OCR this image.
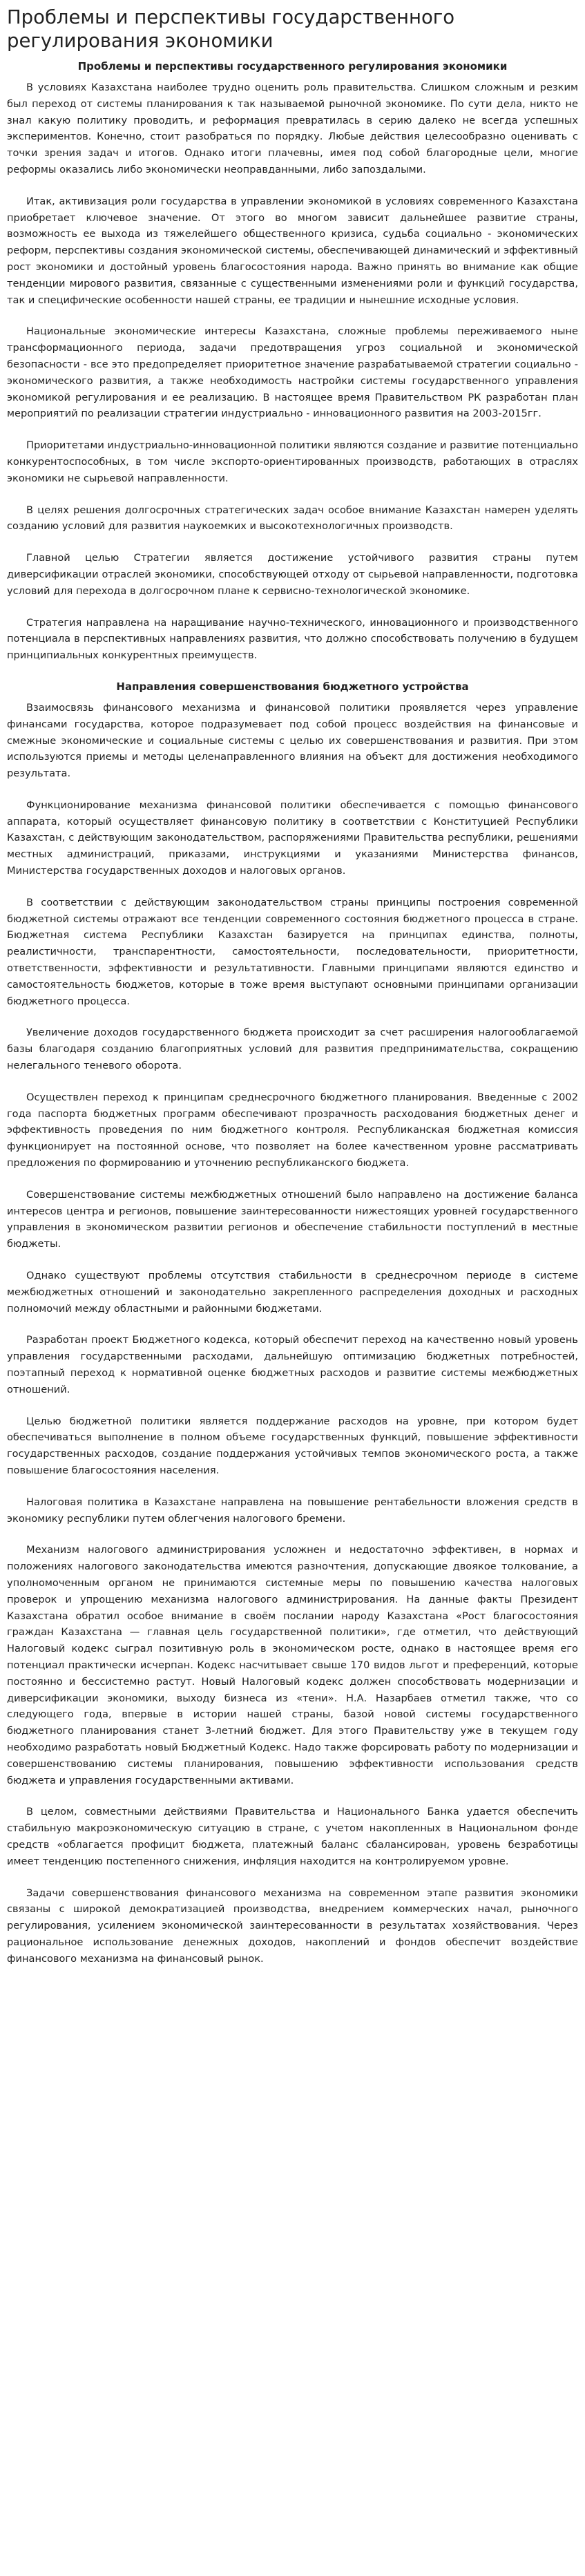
Проблемы и перспективы государственного регулирования экономики
Проблемы и перспективы государственного регулирования экономики

В условиях Казахстана наиболее трудно оценить роль правительства. Слишком сложным и резким был переход от системы планирования к так называемой рыночной экономике. По сути дела, никто не знал какую политику проводить, и реформация превратилась в серию далеко не всегда успешных экспериментов. Конечно, стоит разобраться по порядку. Любые действия целесообразно оценивать с точки зрения задач и итогов. Однако итоги плачевны, имея под собой благородные цели, многие реформы оказались либо экономически неоправданными, либо запоздалыми.

Итак, активизация роли государства в управлении экономикой в условиях современного Казахстана приобретает ключевое значение. От этого во многом зависит дальнейшее развитие страны, возможность ее выхода из тяжелейшего общественного кризиса, судьба социально - экономических реформ, перспективы создания экономической системы, обеспечивающей динамический и эффективный рост экономики и достойный уровень благосостояния народа. Важно принять во внимание как общие тенденции мирового развития, связанные с существенными изменениями роли и функций государства, так и специфические особенности нашей страны, ее традиции и нынешние исходные условия.

Национальные экономические интересы Казахстана, сложные проблемы переживаемого ныне трансформационного периода, задачи предотвращения угроз социальной и экономической безопасности - все это предопределяет приоритетное значение разрабатываемой стратегии социально - экономического развития, а также необходимость настройки системы государственного управления экономикой регулирования и ее реализацию. В настоящее время Правительством РК разработан план мероприятий по реализации стратегии индустриально - инновационного развития на 2003-2015гг.

Приоритетами индустриально-инновационной политики являются создание и развитие потенциально конкурентоспособных, в том числе экспорто-ориентированных производств, работающих в отраслях экономики не сырьевой направленности.

В целях решения долгосрочных стратегических задач особое внимание Казахстан намерен уделять созданию условий для развития наукоемких и высокотехнологичных производств.

Главной целью Стратегии является достижение устойчивого развития страны путем диверсификации отраслей экономики, способствующей отходу от сырьевой направленности, подготовка условий для перехода в долгосрочном плане к сервисно-технологической экономике.

Стратегия направлена на наращивание научно-технического, инновационного и производственного потенциала в перспективных направлениях развития, что должно способствовать получению в будущем принципиальных конкурентных преимуществ.

Направления совершенствования бюджетного устройства

Взаимосвязь финансового механизма и финансовой политики проявляется через управление финансами государства, которое подразумевает под собой процесс воздействия на финансовые и смежные экономические и социальные системы с целью их совершенствования и развития. При этом используются приемы и методы целенаправленного влияния на объект для достижения необходимого результата.

Функционирование механизма финансовой политики обеспечивается с помощью финансового аппарата, который осуществляет финансовую политику в соответствии с Конституцией Республики Казахстан, с действующим законодательством, распоряжениями Правительства республики, решениями местных администраций, приказами, инструкциями и указаниями Министерства финансов, Министерства государственных доходов и налоговых органов.

В соответствии с действующим законодательством страны принципы построения современной бюджетной системы отражают все тенденции современного состояния бюджетного процесса в стране. Бюджетная система Республики Казахстан базируется на принципах единства, полноты, реалистичности, транспарентности, самостоятельности, последовательности, приоритетности, ответственности, эффективности и результативности. Главными принципами являются единство и самостоятельность бюджетов, которые в тоже время выступают основными принципами организации бюджетного процесса.

Увеличение доходов государственного бюджета происходит за счет расширения налогооблагаемой базы благодаря созданию благоприятных условий для развития предпринимательства, сокращению нелегального теневого оборота.

Осуществлен переход к принципам среднесрочного бюджетного планирования. Введенные с 2002 года паспорта бюджетных программ обеспечивают прозрачность расходования бюджетных денег и эффективность проведения по ним бюджетного контроля. Республиканская бюджетная комиссия функционирует на постоянной основе, что позволяет на более качественном уровне рассматривать предложения по формированию и уточнению республиканского бюджета.

Совершенствование системы межбюджетных отношений было направлено на достижение баланса интересов центра и регионов, повышение заинтересованности нижестоящих уровней государственного управления в экономическом развитии регионов и обеспечение стабильности поступлений в местные бюджеты.

Однако существуют проблемы отсутствия стабильности в среднесрочном периоде в системе межбюджетных отношений и законодательно закрепленного распределения доходных и расходных полномочий между областными и районными бюджетами.

Разработан проект Бюджетного кодекса, который обеспечит переход на качественно новый уровень управления государственными расходами, дальнейшую оптимизацию бюджетных потребностей, поэтапный переход к нормативной оценке бюджетных расходов и развитие системы межбюджетных отношений.

Целью бюджетной политики является поддержание расходов на уровне, при котором будет обеспечиваться выполнение в полном объеме государственных функций, повышение эффективности государственных расходов, создание поддержания устойчивых темпов экономического роста, а также повышение благосостояния населения.

Налоговая политика в Казахстане направлена на повышение рентабельности вложения средств в экономику республики путем облегчения налогового бремени.

Механизм налогового администрирования усложнен и недостаточно эффективен, в нормах и положениях налогового законодательства имеются разночтения, допускающие двоякое толкование, а уполномоченным органом не принимаются системные меры по повышению качества налоговых проверок и упрощению механизма налогового администрирования. На данные факты Президент Казахстана обратил особое внимание в своём послании народу Казахстана «Рост благосостояния граждан Казахстана — главная цель государственной политики», где отметил, что действующий Налоговый кодекс сыграл позитивную роль в экономическом росте, однако в настоящее время его потенциал практически исчерпан. Кодекс насчитывает свыше 170 видов льгот и преференций, которые постоянно и бессистемно растут. Новый Налоговый кодекс должен способствовать модернизации и диверсификации экономики, выходу бизнеса из «тени». Н.А. Назарбаев отметил также, что со следующего года, впервые в истории нашей страны, базой новой системы государственного бюджетного планирования станет 3-летний бюджет. Для этого Правительству уже в текущем году необходимо разработать новый Бюджетный Кодекс. Надо также форсировать работу по модернизации и совершенствованию системы планирования, повышению эффективности использования средств бюджета и управления государственными активами.

В целом, совместными действиями Правительства и Национального Банка удается обеспечить стабильную макроэкономическую ситуацию в стране, с учетом накопленных в Национальном фонде средств «облагается профицит бюджета, платежный баланс сбалансирован, уровень безработицы имеет тенденцию постепенного снижения, инфляция находится на контролируемом уровне.

Задачи совершенствования финансового механизма на современном этапе развития экономики связаны с широкой демократизацией производства, внедрением коммерческих начал, рыночного регулирования, усилением экономической заинтересованности в результатах хозяйствования. Через рациональное использование денежных доходов, накоплений и фондов обеспечит воздействие финансового механизма на финансовый рынок.
